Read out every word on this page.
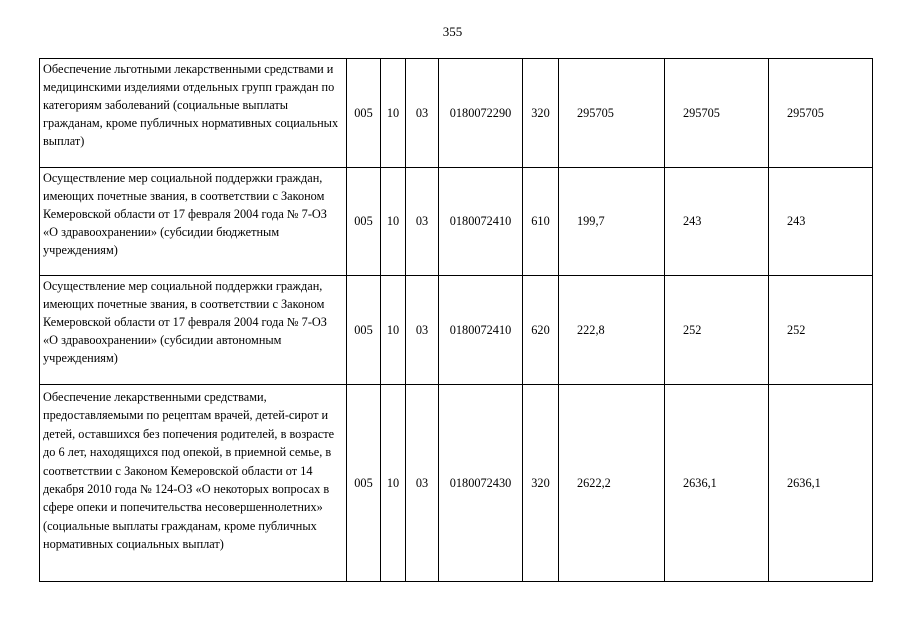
355
Обеспечение льготными лекарственными средствами и медицинскими изделиями отдельных групп граждан по категориям заболеваний (социальные выплаты гражданам, кроме публичных нормативных социальных выплат)	005	10	03	0180072290	320	295705	295705	295705
Осуществление мер социальной поддержки граждан, имеющих почетные звания, в соответствии с Законом Кемеровской области от 17 февраля 2004 года № 7-ОЗ «О здравоохранении» (субсидии бюджетным учреждениям)	005	10	03	0180072410	610	199,7	243	243
Осуществление мер социальной поддержки граждан, имеющих почетные звания, в соответствии с Законом Кемеровской области от 17 февраля 2004 года № 7-ОЗ «О здравоохранении» (субсидии автономным учреждениям)	005	10	03	0180072410	620	222,8	252	252
Обеспечение лекарственными средствами, предоставляемыми по рецептам врачей, детей-сирот и детей, оставшихся без попечения родителей, в возрасте до 6 лет, находящихся под опекой, в приемной семье, в соответствии с Законом Кемеровской области от 14 декабря 2010 года № 124-ОЗ «О некоторых вопросах в сфере опеки и попечительства несовершеннолетних» (социальные выплаты гражданам, кроме публичных нормативных социальных выплат)	005	10	03	0180072430	320	2622,2	2636,1	2636,1
